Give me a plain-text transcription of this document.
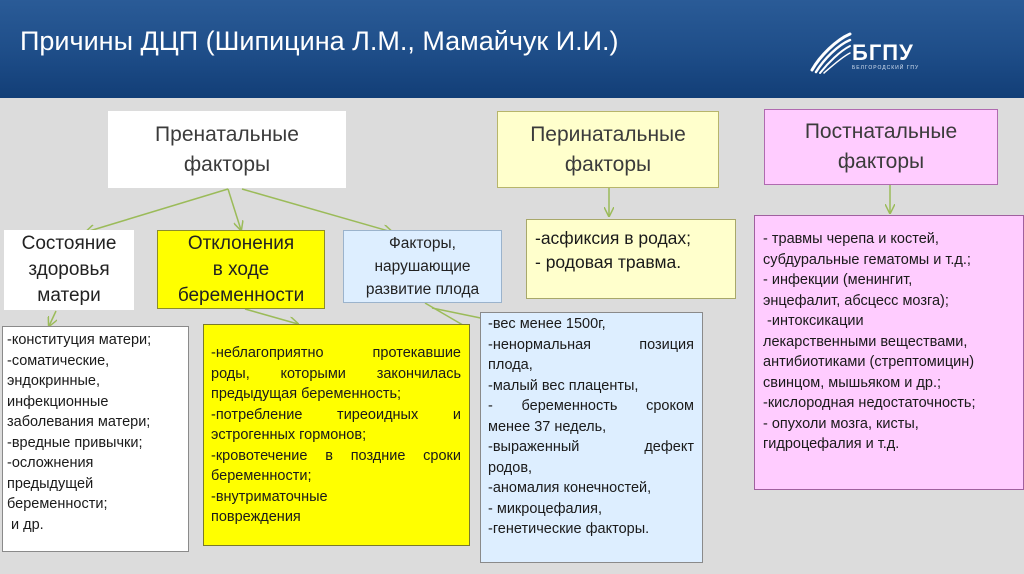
Причины ДЦП (Шипицина Л.М., Мамайчук И.И.)	БГПУ
БЕЛГОРОДСКИЙ ГПУ
Пренатальные
факторы
Перинатальные
факторы
Постнатальные
факторы
Состояние
здоровья
матери
Отклонения
в ходе
беременности
Факторы,
нарушающие
развитие плода
-конституция матери;
-соматические,
эндокринные,
инфекционные
заболевания матери;
-вредные привычки;
-осложнения
предыдущей
беременности;
и др.
-неблагоприятно протекавшие
роды, которыми закончилась
предыдущая беременность;
-потребление тиреоидных и
эстрогенных гормонов;
-кровотечение в поздние сроки
беременности;
-внутриматочные
повреждения
-вес менее 1500г,
-ненормальная позиция
плода,
-малый вес плаценты,
- беременность сроком
менее 37 недель,
-выраженный дефект
родов,
-аномалия конечностей,
- микроцефалия,
-генетические факторы.
-асфиксия в родах;
- родовая травма.
- травмы черепа и костей,
субдуральные гематомы и т.д.;
- инфекции (менингит,
энцефалит, абсцесс мозга);
-интоксикации
лекарственными веществами,
антибиотиками (стрептомицин)
свинцом, мышьяком и др.;
-кислородная недостаточность;
- опухоли мозга, кисты,
гидроцефалия и т.д.
